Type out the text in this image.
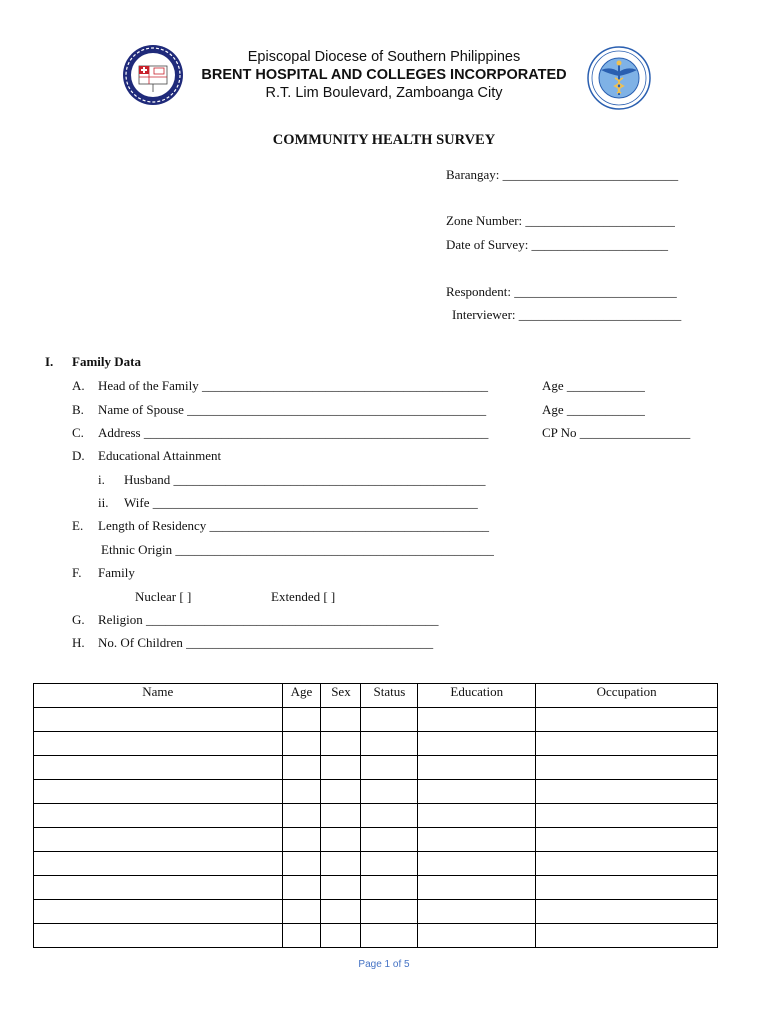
Episcopal Diocese of Southern Philippines
BRENT HOSPITAL AND COLLEGES INCORPORATED
R.T. Lim Boulevard, Zamboanga City
COMMUNITY HEALTH SURVEY
Barangay: ___________________________
Zone Number: _______________________
Date of Survey: _____________________
Respondent: _________________________
Interviewer: _________________________
I. Family Data
A. Head of the Family ____________________________________________	Age ____________
B. Name of Spouse ______________________________________________	Age ____________
C. Address _____________________________________________________	CP No _________________
D. Educational Attainment
i. Husband ________________________________________________
ii. Wife __________________________________________________
E. Length of Residency ___________________________________________
Ethnic Origin _________________________________________________
F. Family
Nuclear [ ]	Extended [ ]
G. Religion _____________________________________________
H. No. Of Children ______________________________________
Name	Age	Sex	Status	Education	Occupation

Page 1 of 5
